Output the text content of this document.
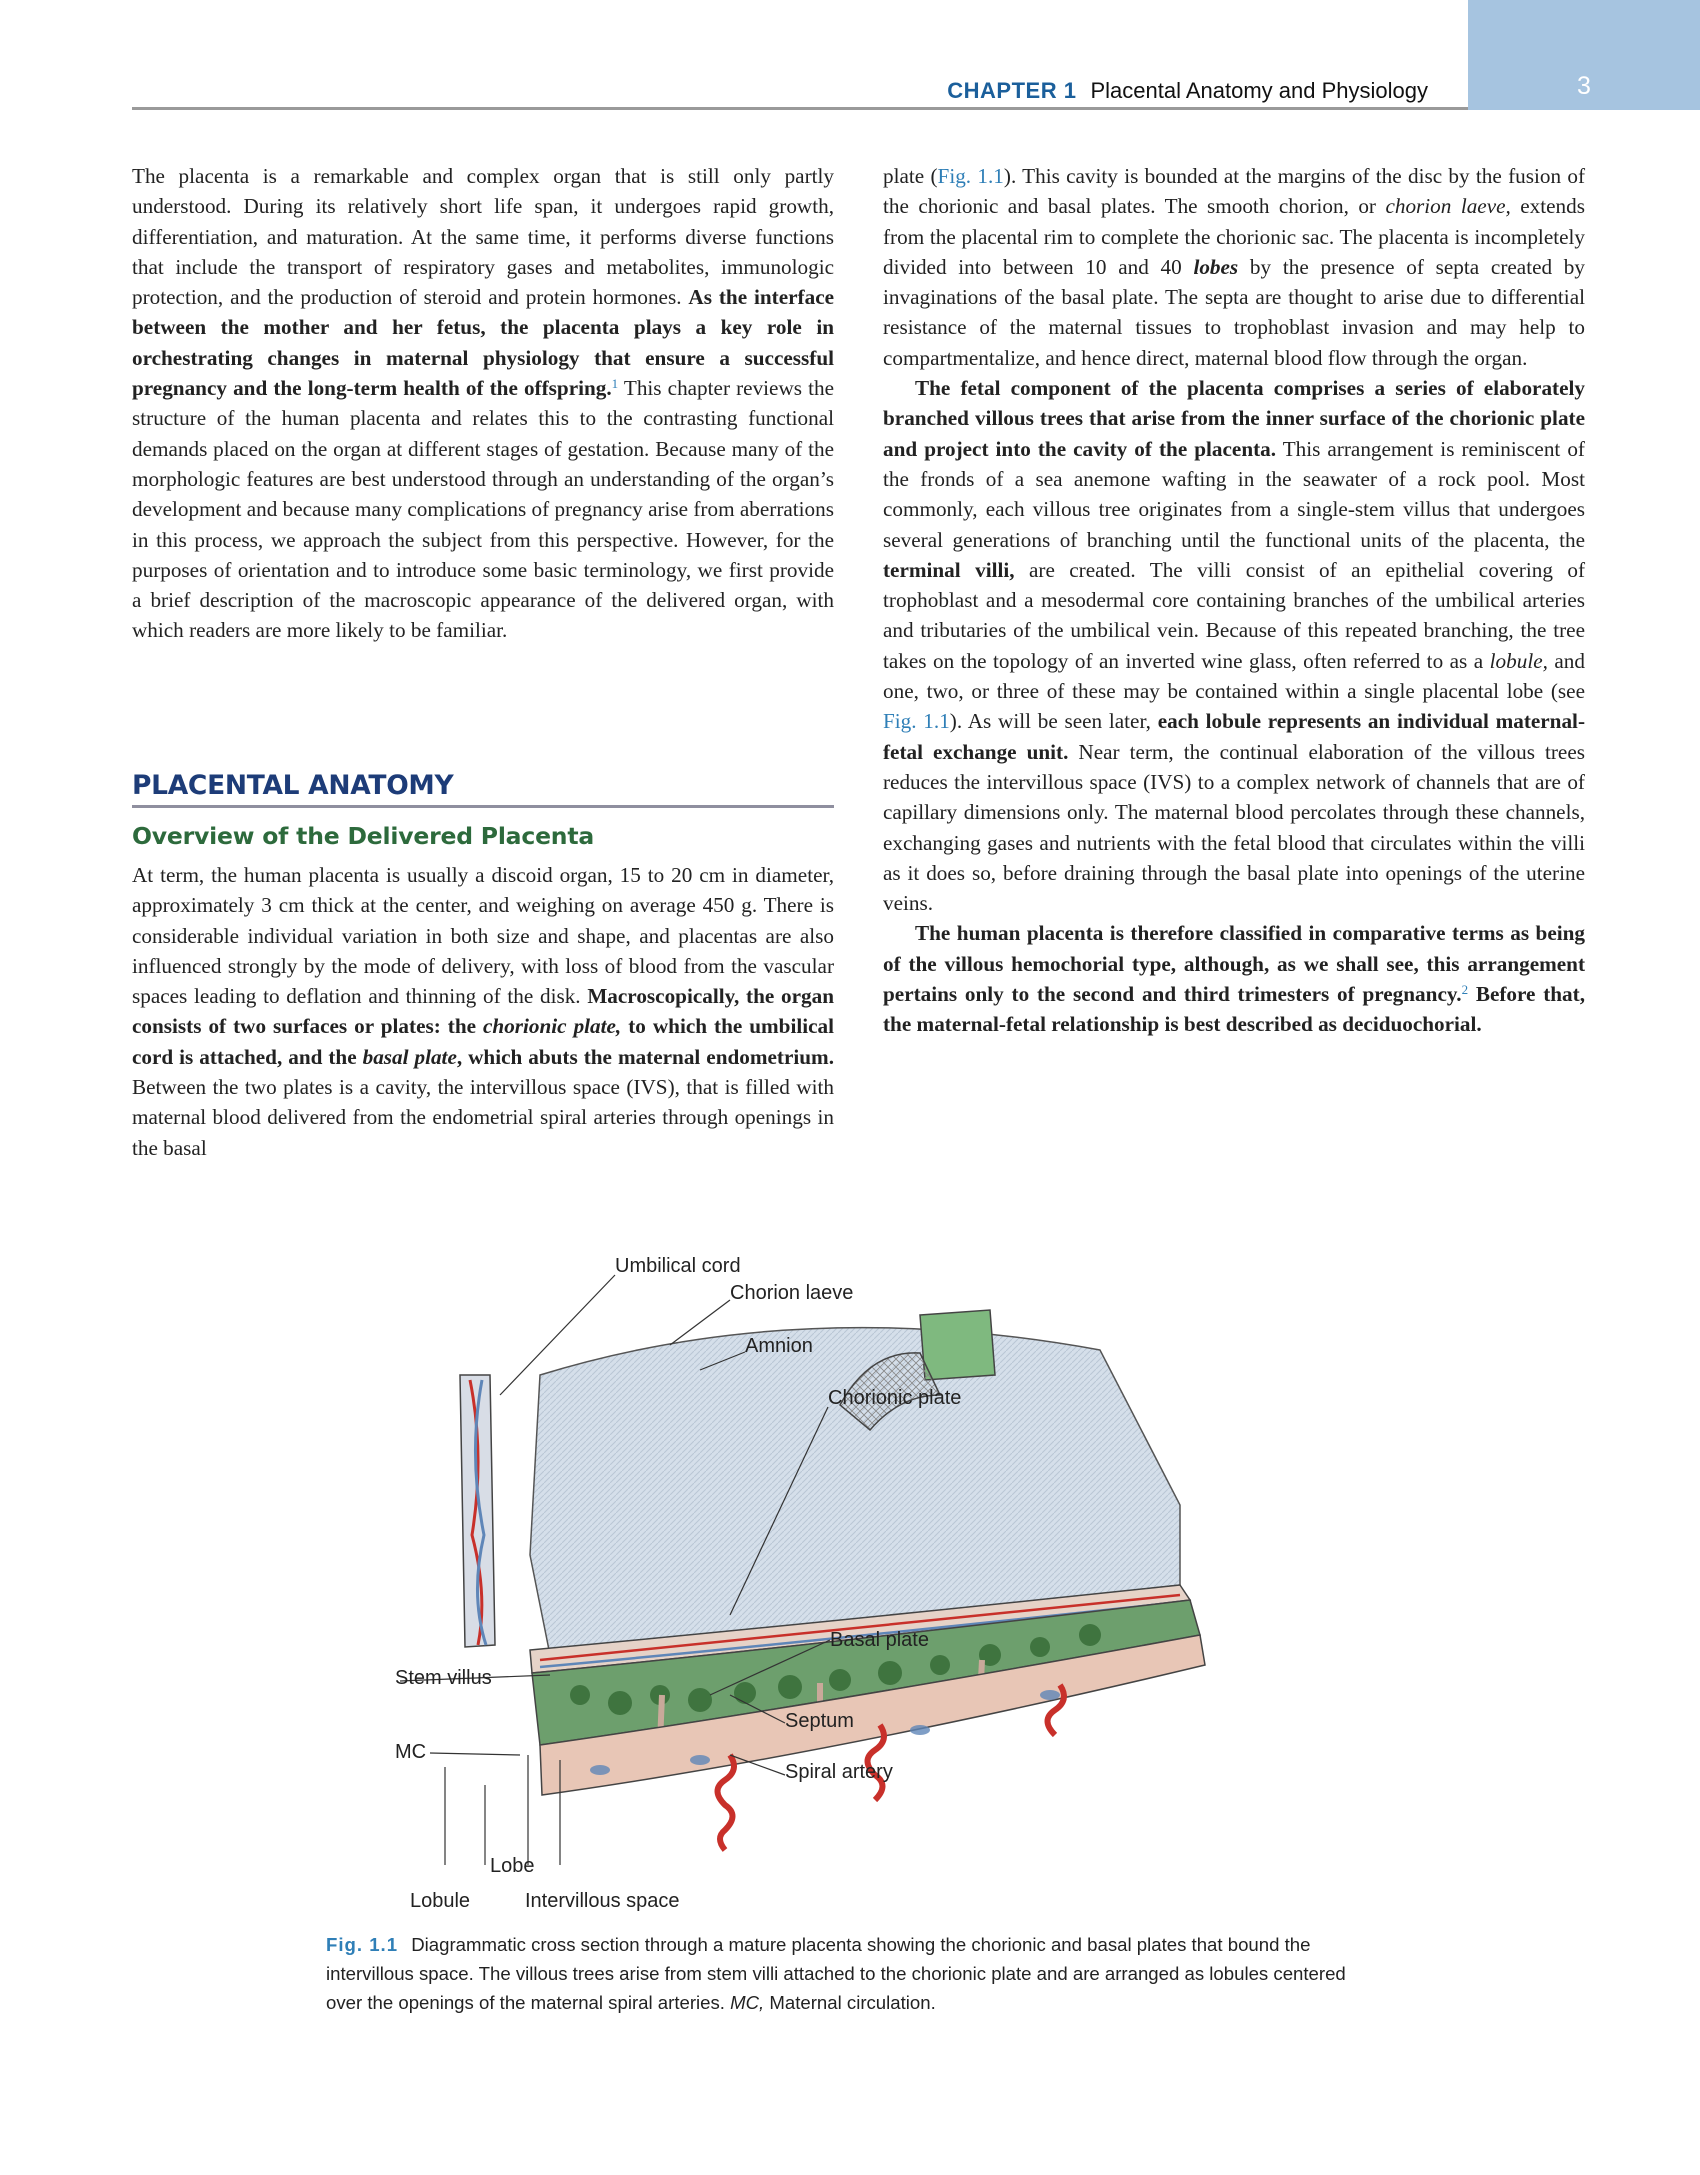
3
CHAPTER 1 Placental Anatomy and Physiology

The placenta is a remarkable and complex organ that is still only partly understood. During its relatively short life span, it undergoes rapid growth, differentiation, and maturation. At the same time, it performs diverse functions that include the transport of respiratory gases and metabolites, immunologic protection, and the production of steroid and protein hormones. As the interface between the mother and her fetus, the placenta plays a key role in orchestrating changes in maternal physiology that ensure a successful pregnancy and the long-term health of the offspring.$^1$ This chapter reviews the structure of the human placenta and relates this to the contrasting functional demands placed on the organ at different stages of gestation. Because many of the morphologic features are best understood through an understanding of the organ’s development and because many complications of pregnancy arise from aberrations in this process, we approach the subject from this perspective. However, for the purposes of orientation and to introduce some basic terminology, we first provide a brief description of the macroscopic appearance of the delivered organ, with which readers are more likely to be familiar.

PLACENTAL ANATOMY
Overview of the Delivered Placenta

At term, the human placenta is usually a discoid organ, 15 to 20 cm in diameter, approximately 3 cm thick at the center, and weighing on average 450 g. There is considerable individual variation in both size and shape, and placentas are also influenced strongly by the mode of delivery, with loss of blood from the vascular spaces leading to deflation and thinning of the disk. Macroscopically, the organ consists of two surfaces or plates: the chorionic plate, to which the umbilical cord is attached, and the basal plate, which abuts the maternal endometrium. Between the two plates is a cavity, the intervillous space (IVS), that is filled with maternal blood delivered from the endometrial spiral arteries through openings in the basal

plate (Fig. 1.1). This cavity is bounded at the margins of the disc by the fusion of the chorionic and basal plates. The smooth chorion, or chorion laeve, extends from the placental rim to complete the chorionic sac. The placenta is incompletely divided into between 10 and 40 lobes by the presence of septa created by invaginations of the basal plate. The septa are thought to arise due to differential resistance of the maternal tissues to trophoblast invasion and may help to compartmentalize, and hence direct, maternal blood flow through the organ.

The fetal component of the placenta comprises a series of elaborately branched villous trees that arise from the inner surface of the chorionic plate and project into the cavity of the placenta. This arrangement is reminiscent of the fronds of a sea anemone wafting in the seawater of a rock pool. Most commonly, each villous tree originates from a single-stem villus that undergoes several generations of branching until the functional units of the placenta, the terminal villi, are created. The villi consist of an epithelial covering of trophoblast and a mesodermal core containing branches of the umbilical arteries and tributaries of the umbilical vein. Because of this repeated branching, the tree takes on the topology of an inverted wine glass, often referred to as a lobule, and one, two, or three of these may be contained within a single placental lobe (see Fig. 1.1). As will be seen later, each lobule represents an individual maternal-fetal exchange unit. Near term, the continual elaboration of the villous trees reduces the intervillous space (IVS) to a complex network of channels that are of capillary dimensions only. The maternal blood percolates through these channels, exchanging gases and nutrients with the fetal blood that circulates within the villi as it does so, before draining through the basal plate into openings of the uterine veins.

The human placenta is therefore classified in comparative terms as being of the villous hemochorial type, although, as we shall see, this arrangement pertains only to the second and third trimesters of pregnancy.$^2$ Before that, the maternal-fetal relationship is best described as deciduochorial.

Umbilical cord
Chorion laeve
Amnion
Chorionic plate
Basal plate
Stem villus
Septum
Spiral artery
MC
Lobe
Lobule	Intervillous space
Fig. 1.1 Diagrammatic cross section through a mature placenta showing the chorionic and basal plates that bound the intervillous space. The villous trees arise from stem villi attached to the chorionic plate and are arranged as lobules centered over the openings of the maternal spiral arteries. MC, Maternal circulation.
